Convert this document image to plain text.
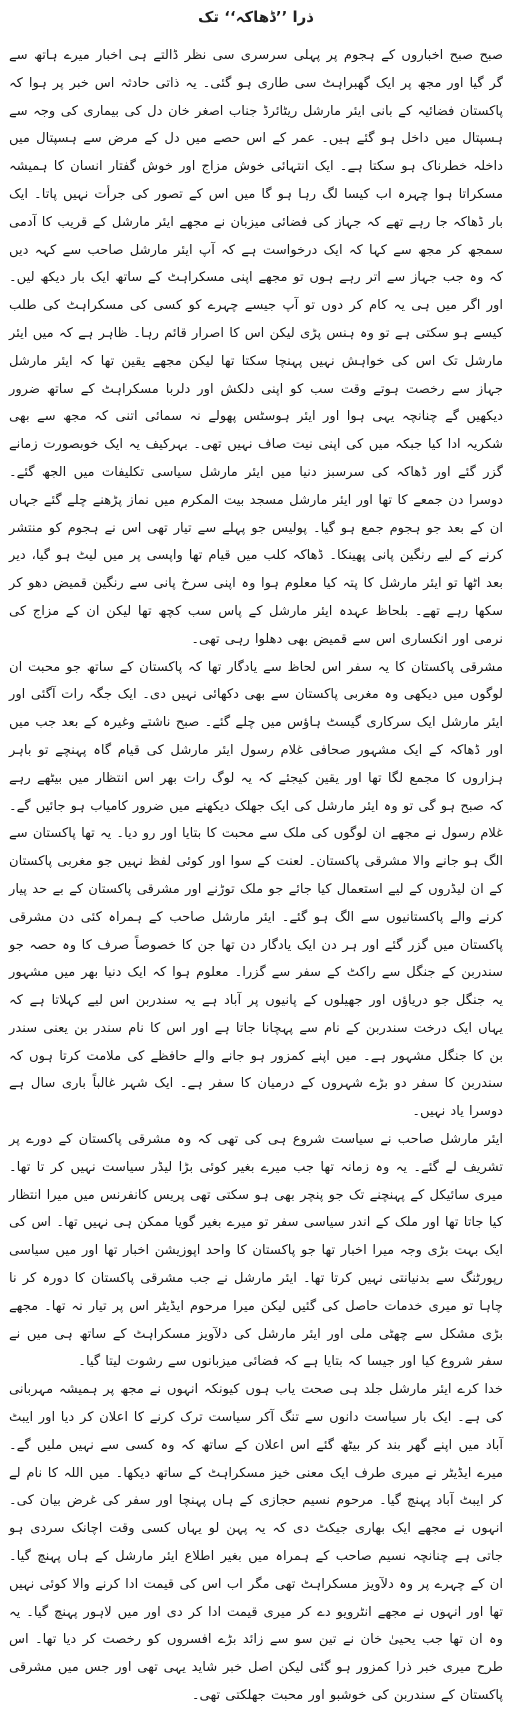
ذرا ’’ڈھاکہ‘‘ تک

صبح صبح اخباروں کے ہجوم پر پہلی سرسری سی نظر ڈالتے ہی اخبار میرے ہاتھ سے گر گیا اور مجھ پر ایک گھبراہٹ سی طاری ہو گئی۔ یہ ذاتی حادثہ اس خبر پر ہوا کہ پاکستان فضائیہ کے بانی ایئر مارشل ریٹائرڈ جناب اصغر خان دل کی بیماری کی وجہ سے ہسپتال میں داخل ہو گئے ہیں۔ عمر کے اس حصے میں دل کے مرض سے ہسپتال میں داخلہ خطرناک ہو سکتا ہے۔ ایک انتہائی خوش مزاج اور خوش گفتار انسان کا ہمیشہ مسکراتا ہوا چہرہ اب کیسا لگ رہا ہو گا میں اس کے تصور کی جرأت نہیں پاتا۔ ایک بار ڈھاکہ جا رہے تھے کہ جہاز کی فضائی میزبان نے مجھے ایئر مارشل کے قریب کا آدمی سمجھ کر مجھ سے کہا کہ ایک درخواست ہے کہ آپ ایئر مارشل صاحب سے کہہ دیں کہ وہ جب جہاز سے اتر رہے ہوں تو مجھے اپنی مسکراہٹ کے ساتھ ایک بار دیکھ لیں۔ اور اگر میں ہی یہ کام کر دوں تو آپ جیسے چہرے کو کسی کی مسکراہٹ کی طلب کیسے ہو سکتی ہے تو وہ ہنس پڑی لیکن اس کا اصرار قائم رہا۔ ظاہر ہے کہ میں ایئر مارشل تک اس کی خواہش نہیں پہنچا سکتا تھا لیکن مجھے یقین تھا کہ ایئر مارشل جہاز سے رخصت ہوتے وقت سب کو اپنی دلکش اور دلربا مسکراہٹ کے ساتھ ضرور دیکھیں گے چنانچہ یہی ہوا اور ایئر ہوسٹس پھولے نہ سمائی اتنی کہ مجھ سے بھی شکریہ ادا کیا جبکہ میں کی اپنی نیت صاف نہیں تھی۔ بہرکیف یہ ایک خوبصورت زمانے گزر گئے اور ڈھاکہ کی سرسبز دنیا میں ایئر مارشل سیاسی تکلیفات میں الجھ گئے۔ دوسرا دن جمعے کا تھا اور ایئر مارشل مسجد بیت المکرم میں نماز پڑھنے چلے گئے جہاں ان کے بعد جو ہجوم جمع ہو گیا۔ پولیس جو پہلے سے تیار تھی اس نے ہجوم کو منتشر کرنے کے لیے رنگین پانی پھینکا۔ ڈھاکہ کلب میں قیام تھا واپسی پر میں لیٹ ہو گیا، دیر بعد اٹھا تو ایئر مارشل کا پتہ کیا معلوم ہوا وہ اپنی سرخ پانی سے رنگین قمیض دھو کر سکھا رہے تھے۔ بلحاظ عہدہ ایئر مارشل کے پاس سب کچھ تھا لیکن ان کے مزاج کی نرمی اور انکساری اس سے قمیض بھی دھلوا رہی تھی۔

مشرقی پاکستان کا یہ سفر اس لحاظ سے یادگار تھا کہ پاکستان کے ساتھ جو محبت ان لوگوں میں دیکھی وہ مغربی پاکستان سے بھی دکھائی نہیں دی۔ ایک جگہ رات آگئی اور ایئر مارشل ایک سرکاری گیسٹ ہاؤس میں چلے گئے۔ صبح ناشتے وغیرہ کے بعد جب میں اور ڈھاکہ کے ایک مشہور صحافی غلام رسول ایئر مارشل کی قیام گاہ پہنچے تو باہر ہزاروں کا مجمع لگا تھا اور یقین کیجئے کہ یہ لوگ رات بھر اس انتظار میں بیٹھے رہے کہ صبح ہو گی تو وہ ایئر مارشل کی ایک جھلک دیکھنے میں ضرور کامیاب ہو جائیں گے۔ غلام رسول نے مجھے ان لوگوں کی ملک سے محبت کا بتایا اور رو دیا۔ یہ تھا پاکستان سے الگ ہو جانے والا مشرقی پاکستان۔ لعنت کے سوا اور کوئی لفظ نہیں جو مغربی پاکستان کے ان لیڈروں کے لیے استعمال کیا جائے جو ملک توڑنے اور مشرقی پاکستان کے بے حد پیار کرنے والے پاکستانیوں سے الگ ہو گئے۔ ایئر مارشل صاحب کے ہمراہ کئی دن مشرقی پاکستان میں گزر گئے اور ہر دن ایک یادگار دن تھا جن کا خصوصاً صرف کا وہ حصہ جو سندربن کے جنگل سے راکٹ کے سفر سے گزرا۔ معلوم ہوا کہ ایک دنیا بھر میں مشہور یہ جنگل جو دریاؤں اور جھیلوں کے پانیوں پر آباد ہے یہ سندربن اس لیے کہلاتا ہے کہ یہاں ایک درخت سندربن کے نام سے پہچانا جاتا ہے اور اس کا نام سندر بن یعنی سندر بن کا جنگل مشہور ہے۔ میں اپنے کمزور ہو جانے والے حافظے کی ملامت کرتا ہوں کہ سندربن کا سفر دو بڑے شہروں کے درمیان کا سفر ہے۔ ایک شہر غالباً باری سال ہے دوسرا یاد نہیں۔

ایئر مارشل صاحب نے سیاست شروع ہی کی تھی کہ وہ مشرقی پاکستان کے دورے پر تشریف لے گئے۔ یہ وہ زمانہ تھا جب میرے بغیر کوئی بڑا لیڈر سیاست نہیں کر تا تھا۔ میری سائیکل کے پہنچنے تک جو پنچر بھی ہو سکتی تھی پریس کانفرنس میں میرا انتظار کیا جاتا تھا اور ملک کے اندر سیاسی سفر تو میرے بغیر گویا ممکن ہی نہیں تھا۔ اس کی ایک بہت بڑی وجہ میرا اخبار تھا جو پاکستان کا واحد اپوزیشن اخبار تھا اور میں سیاسی رپورٹنگ سے بدنیانتی نہیں کرتا تھا۔ ایئر مارشل نے جب مشرقی پاکستان کا دورہ کر نا چاہا تو میری خدمات حاصل کی گئیں لیکن میرا مرحوم ایڈیٹر اس پر تیار نہ تھا۔ مجھے بڑی مشکل سے چھٹی ملی اور ایئر مارشل کی دلآویز مسکراہٹ کے ساتھ ہی میں نے سفر شروع کیا اور جیسا کہ بتایا ہے کہ فضائی میزبانوں سے رشوت لیتا گیا۔

خدا کرے ایئر مارشل جلد ہی صحت یاب ہوں کیونکہ انہوں نے مجھ پر ہمیشہ مہربانی کی ہے۔ ایک بار سیاست دانوں سے تنگ آکر سیاست ترک کرنے کا اعلان کر دیا اور ایبٹ آباد میں اپنے گھر بند کر بیٹھ گئے اس اعلان کے ساتھ کہ وہ کسی سے نہیں ملیں گے۔ میرے ایڈیٹر نے میری طرف ایک معنی خیز مسکراہٹ کے ساتھ دیکھا۔ میں اللہ کا نام لے کر ایبٹ آباد پہنچ گیا۔ مرحوم نسیم حجازی کے ہاں پہنچا اور سفر کی غرض بیان کی۔ انہوں نے مجھے ایک بھاری جیکٹ دی کہ یہ پہن لو یہاں کسی وقت اچانک سردی ہو جاتی ہے چنانچہ نسیم صاحب کے ہمراہ میں بغیر اطلاع ایئر مارشل کے ہاں پہنچ گیا۔ ان کے چہرے پر وہ دلآویز مسکراہٹ تھی مگر اب اس کی قیمت ادا کرنے والا کوئی نہیں تھا اور انہوں نے مجھے انٹرویو دے کر میری قیمت ادا کر دی اور میں لاہور پہنچ گیا۔ یہ وہ ان تھا جب یحییٰ خان نے تین سو سے زائد بڑے افسروں کو رخصت کر دیا تھا۔ اس طرح میری خبر ذرا کمزور ہو گئی لیکن اصل خبر شاید یہی تھی اور جس میں مشرقی پاکستان کے سندربن کی خوشبو اور محبت جھلکتی تھی۔
